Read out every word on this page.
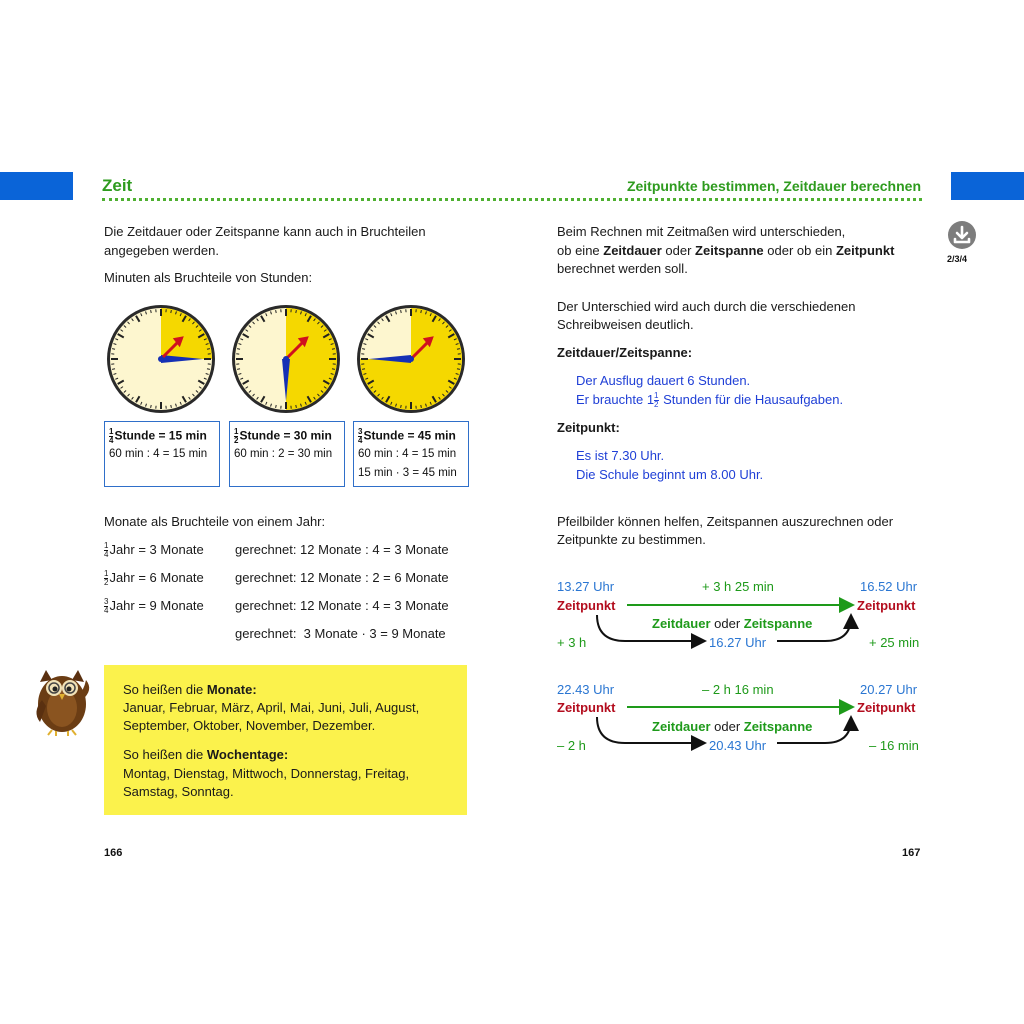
Zeit	Zeitpunkte bestimmen, Zeitdauer berechnen
2/3/4
Die Zeitdauer oder Zeitspanne kann auch in Bruchteilen
angegeben werden.
Minuten als Bruchteile von Stunden:
$\frac{1}{4}$ Stunde = 15 min
60 min : 4 = 15 min
$\frac{1}{2}$ Stunde = 30 min
60 min : 2 = 30 min
$\frac{3}{4}$ Stunde = 45 min
60 min : 4 = 15 min
15 min · 3 = 45 min
Monate als Bruchteile von einem Jahr:
$\frac{1}{4}$ Jahr = 3 Monate gerechnet: 12 Monate : 4 = 3 Monate
$\frac{1}{2}$ Jahr = 6 Monate gerechnet: 12 Monate : 2 = 6 Monate
$\frac{3}{4}$ Jahr = 9 Monate gerechnet: 12 Monate : 4 = 3 Monate
gerechnet:  3 Monate · 3 = 9 Monate
So heißen die Monate:
Januar, Februar, März, April, Mai, Juni, Juli, August,
September, Oktober, November, Dezember.
So heißen die Wochentage:
Montag, Dienstag, Mittwoch, Donnerstag, Freitag,
Samstag, Sonntag.
166
Beim Rechnen mit Zeitmaßen wird unterschieden,
ob eine Zeitdauer oder Zeitspanne oder ob ein Zeitpunkt
berechnet werden soll.
Der Unterschied wird auch durch die verschiedenen
Schreibweisen deutlich.
Zeitdauer/Zeitspanne:
Der Ausflug dauert 6 Stunden.
Er brauchte $1 \frac{1}{2}$ Stunden für die Hausaufgaben.
Zeitpunkt:
Es ist 7.30 Uhr.
Die Schule beginnt um 8.00 Uhr.
Pfeilbilder können helfen, Zeitspannen auszurechnen oder
Zeitpunkte zu bestimmen.
13.27 Uhr	+ 3 h 25 min	16.52 Uhr
Zeitpunkt	Zeitpunkt
Zeitdauer oder Zeitspanne
+ 3 h	16.27 Uhr	+ 25 min
22.43 Uhr	– 2 h 16 min	20.27 Uhr
Zeitpunkt	Zeitpunkt
Zeitdauer oder Zeitspanne
– 2 h	20.43 Uhr	– 16 min
167
